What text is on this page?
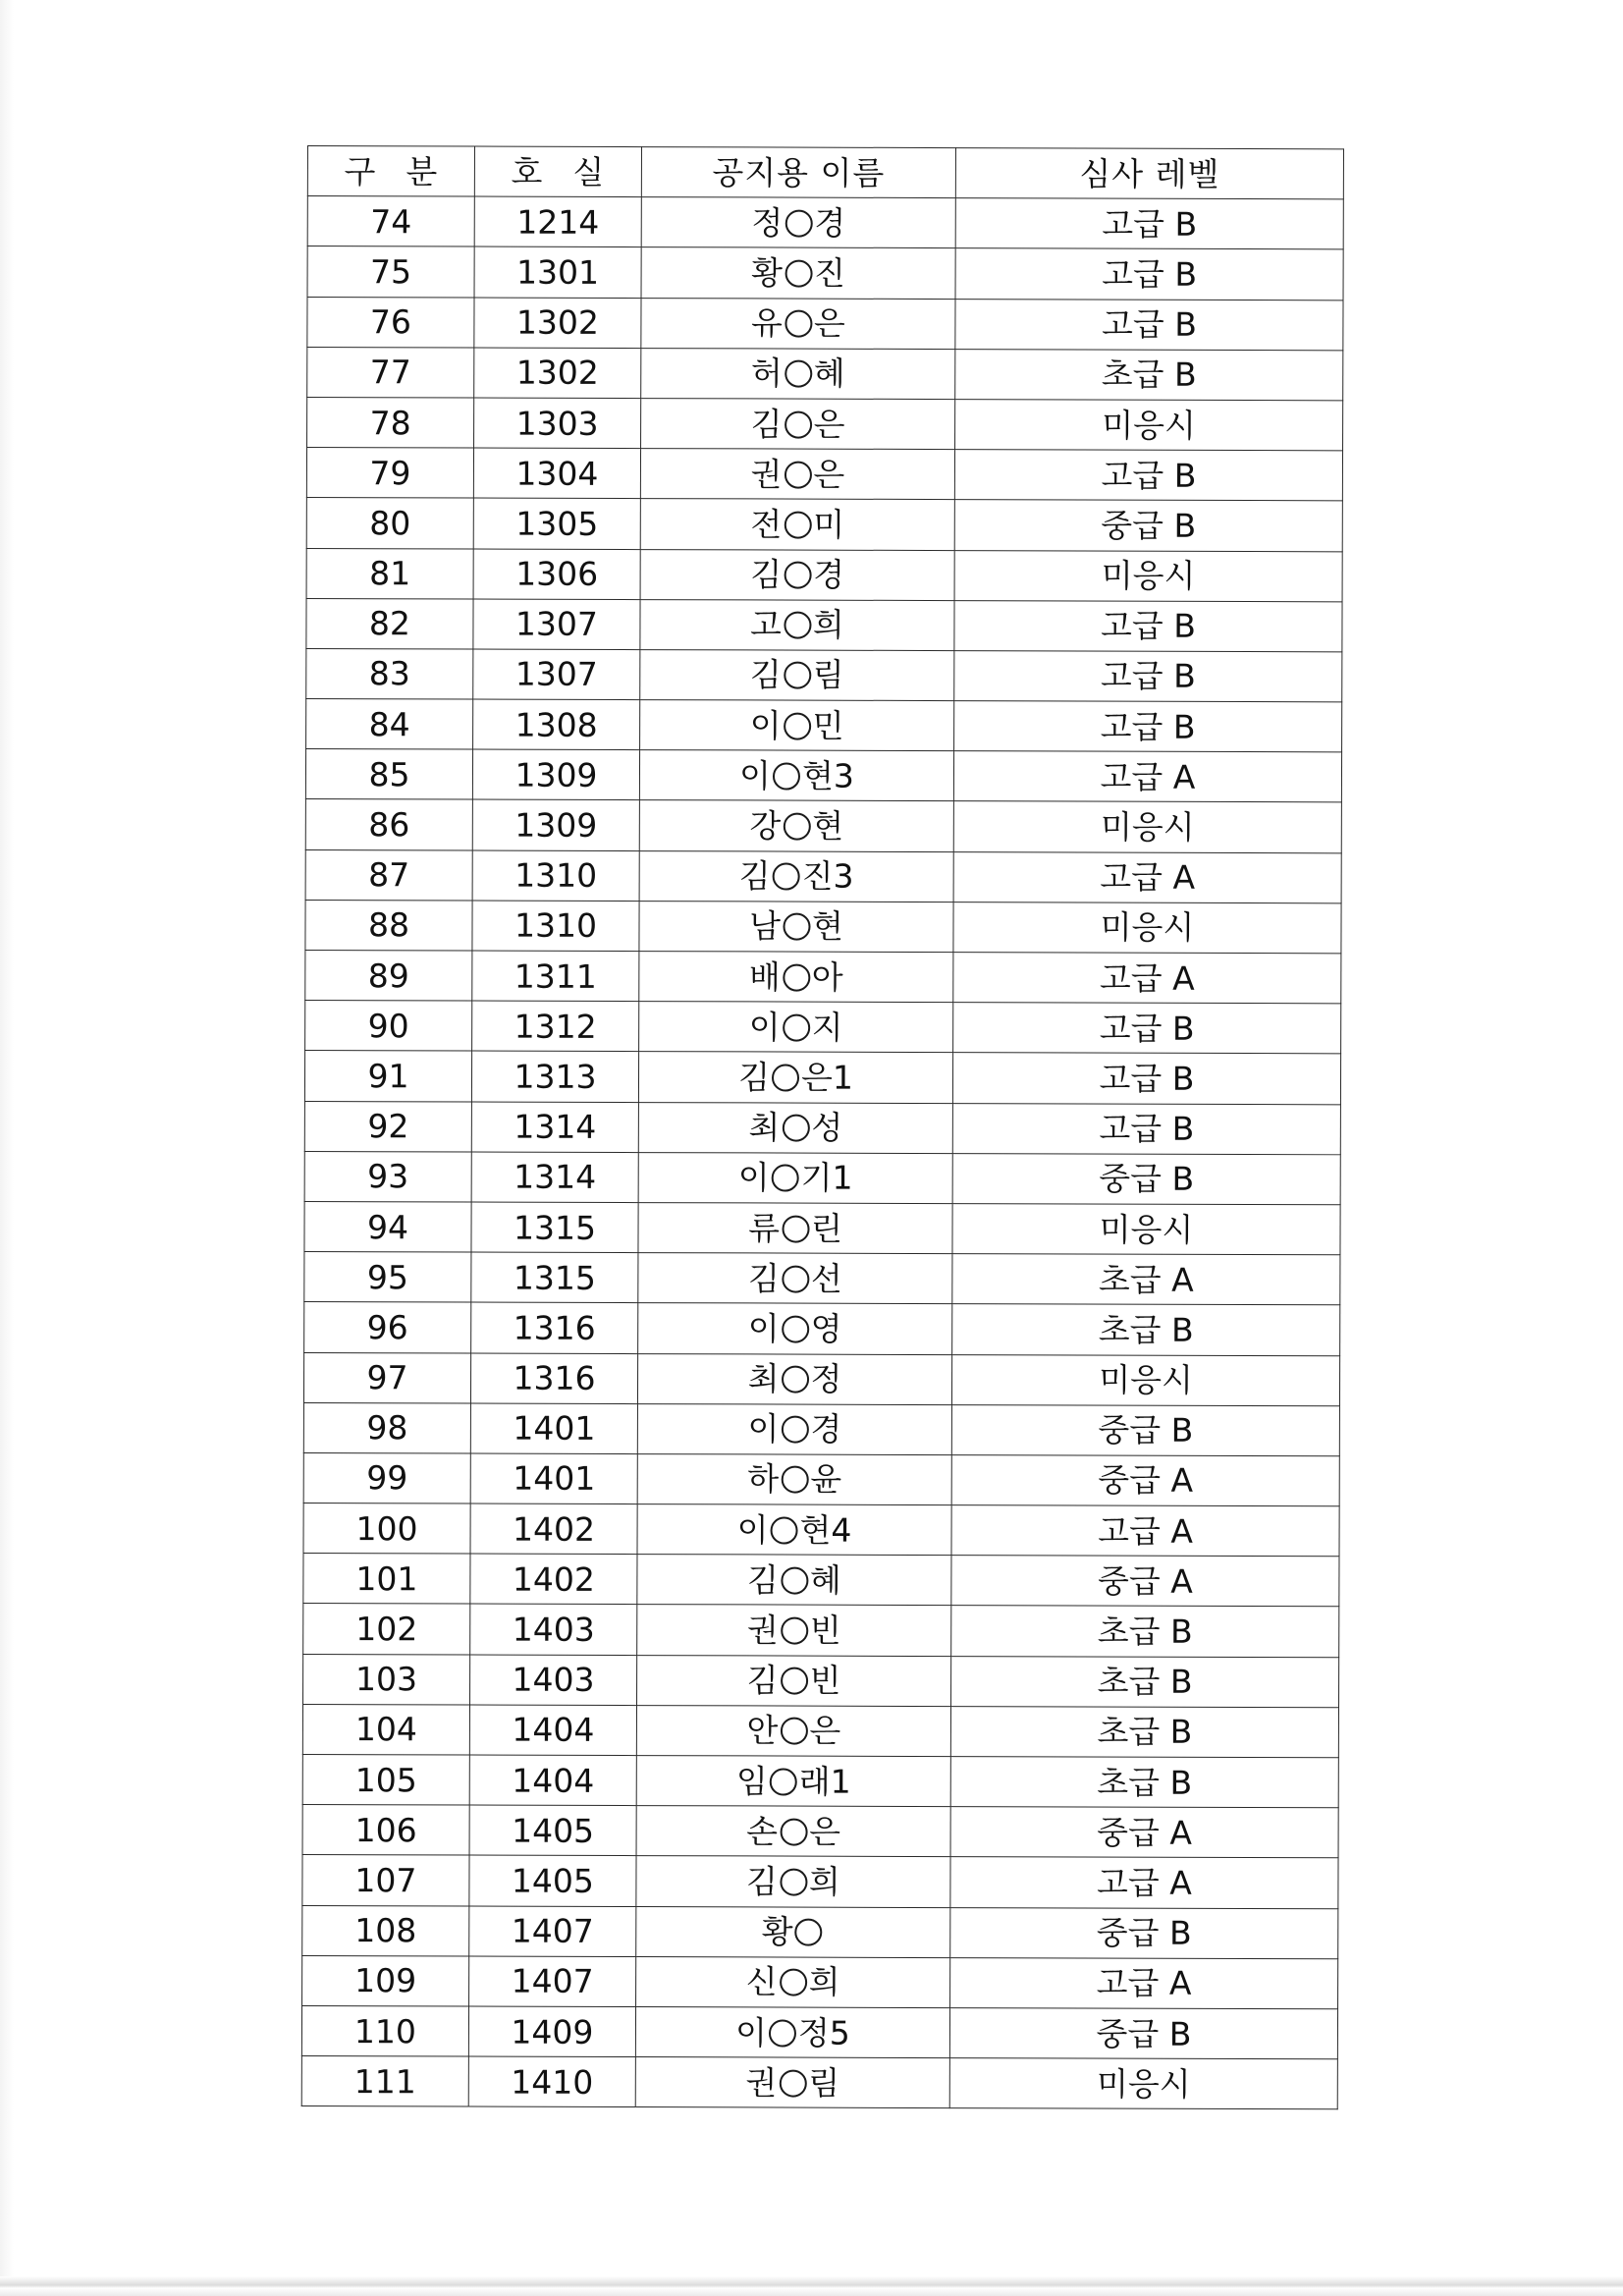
구 분	호 실	공지용 이름	심사 레벨
74	1214	정 경	고급 B
75	1301	황 진	고급 B
76	1302	유 은	고급 B
77	1302	허 혜	초급 B
78	1303	김 은	미응시
79	1304	권 은	고급 B
80	1305	전 미	중급 B
81	1306	김 경	미응시
82	1307	고 희	고급 B
83	1307	김 림	고급 B
84	1308	이 민	고급 B
85	1309	이 현3	고급 A
86	1309	강 현	미응시
87	1310	김 진3	고급 A
88	1310	남 현	미응시
89	1311	배 아	고급 A
90	1312	이 지	고급 B
91	1313	김 은1	고급 B
92	1314	최 성	고급 B
93	1314	이 기1	중급 B
94	1315	류 린	미응시
95	1315	김 선	초급 A
96	1316	이 영	초급 B
97	1316	최 정	미응시
98	1401	이 경	중급 B
99	1401	하 윤	중급 A
100	1402	이 현4	고급 A
101	1402	김 혜	중급 A
102	1403	권 빈	초급 B
103	1403	김 빈	초급 B
104	1404	안 은	초급 B
105	1404	임 래1	초급 B
106	1405	손 은	중급 A
107	1405	김 희	고급 A
108	1407	황	중급 B
109	1407	신 희	고급 A
110	1409	이 정5	중급 B
111	1410	권 림	미응시
